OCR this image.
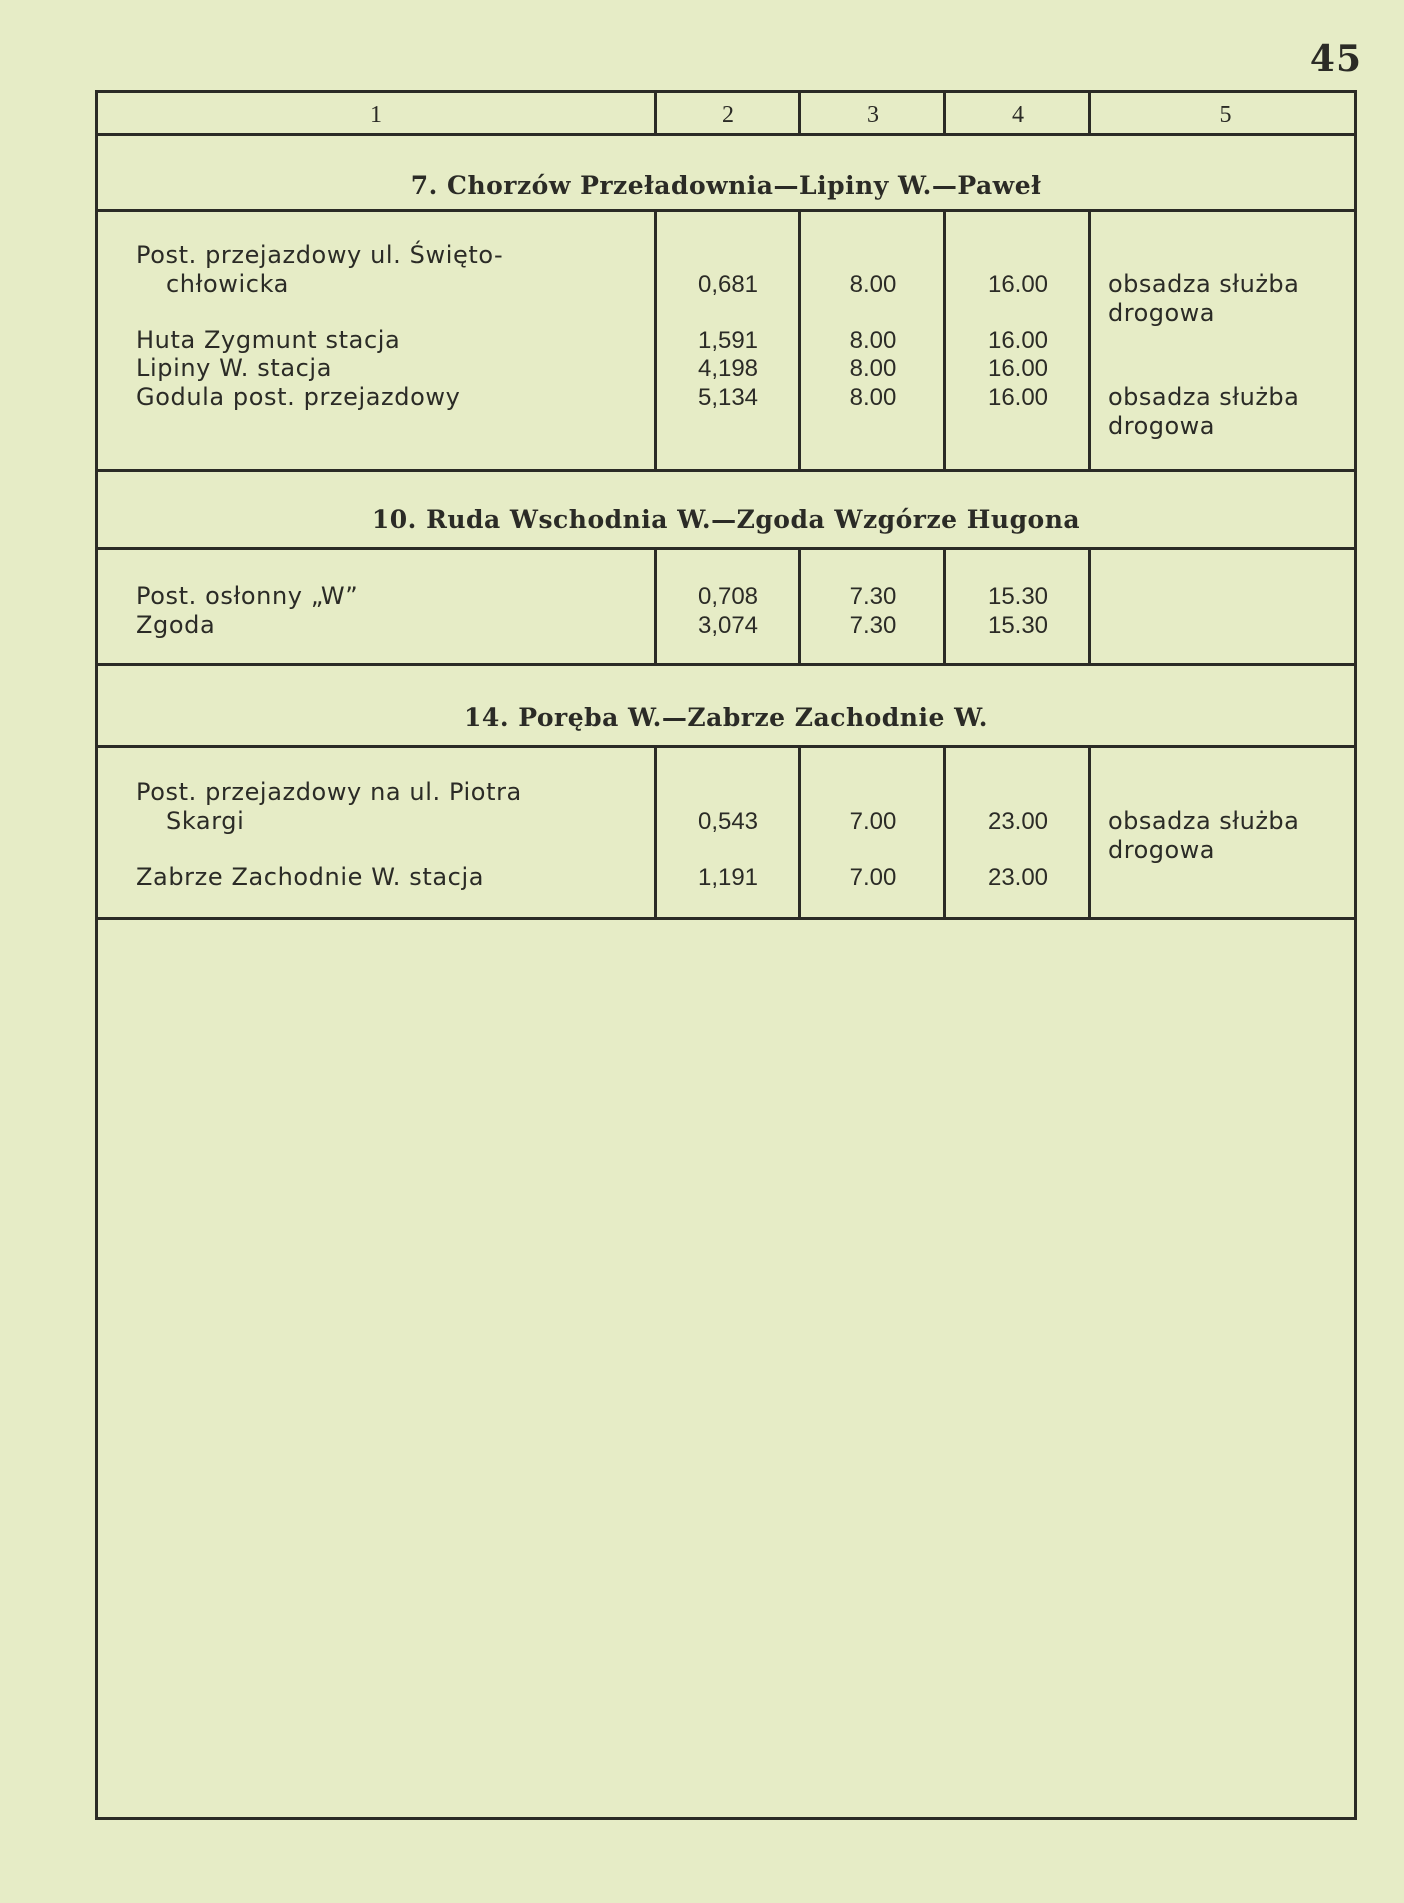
45
1	2	3	4	5
7. Chorzów Przeładownia—Lipiny W.—Paweł
Post. przejazdowy ul. Święto-
chłowicka	0,681	8.00	16.00	obsadza służba
drogowa
Huta Zygmunt stacja	1,591	8.00	16.00
Lipiny W. stacja	4,198	8.00	16.00
Godula post. przejazdowy	5,134	8.00	16.00	obsadza służba
drogowa
10. Ruda Wschodnia W.—Zgoda Wzgórze Hugona
Post. osłonny „W”	0,708	7.30	15.30
Zgoda	3,074	7.30	15.30
14. Poręba W.—Zabrze Zachodnie W.
Post. przejazdowy na ul. Piotra
Skargi	0,543	7.00	23.00	obsadza służba
drogowa
Zabrze Zachodnie W. stacja	1,191	7.00	23.00
